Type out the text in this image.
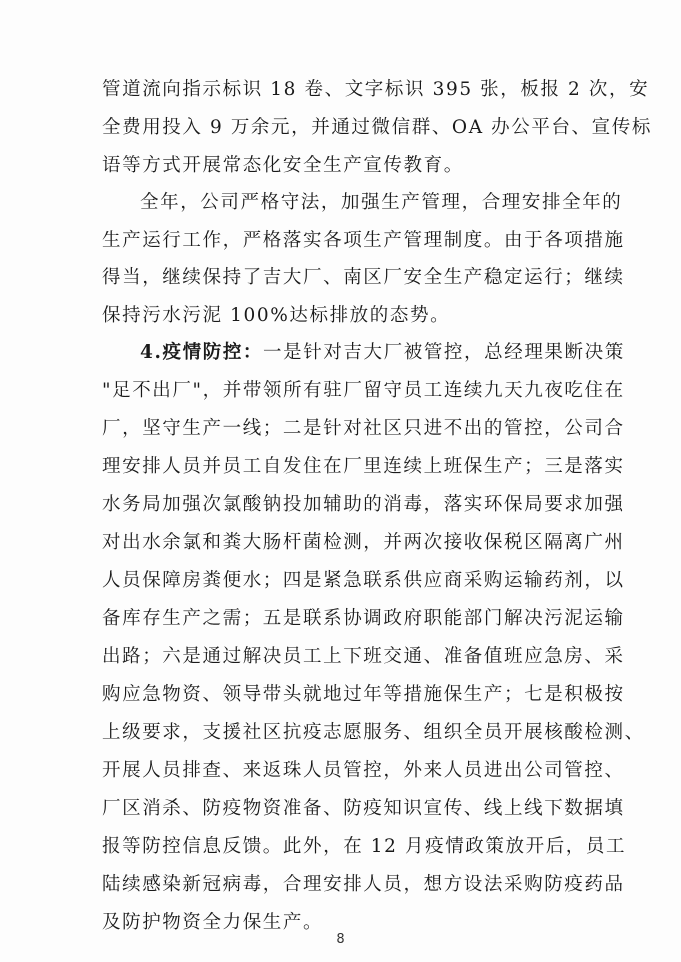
管道流向指示标识 18 卷、文字标识 395 张，板报 2 次，安
全费用投入 9 万余元，并通过微信群、OA 办公平台、宣传标
语等方式开展常态化安全生产宣传教育。
全年，公司严格守法，加强生产管理，合理安排全年的
生产运行工作，严格落实各项生产管理制度。由于各项措施
得当，继续保持了吉大厂、南区厂安全生产稳定运行；继续
保持污水污泥 100%达标排放的态势。
4.疫情防控：一是针对吉大厂被管控，总经理果断决策
"足不出厂"，并带领所有驻厂留守员工连续九天九夜吃住在
厂，坚守生产一线；二是针对社区只进不出的管控，公司合
理安排人员并员工自发住在厂里连续上班保生产；三是落实
水务局加强次氯酸钠投加辅助的消毒，落实环保局要求加强
对出水余氯和粪大肠杆菌检测，并两次接收保税区隔离广州
人员保障房粪便水；四是紧急联系供应商采购运输药剂，以
备库存生产之需；五是联系协调政府职能部门解决污泥运输
出路；六是通过解决员工上下班交通、准备值班应急房、采
购应急物资、领导带头就地过年等措施保生产；七是积极按
上级要求，支援社区抗疫志愿服务、组织全员开展核酸检测、
开展人员排查、来返珠人员管控，外来人员进出公司管控、
厂区消杀、防疫物资准备、防疫知识宣传、线上线下数据填
报等防控信息反馈。此外，在 12 月疫情政策放开后，员工
陆续感染新冠病毒，合理安排人员，想方设法采购防疫药品
及防护物资全力保生产。
8
